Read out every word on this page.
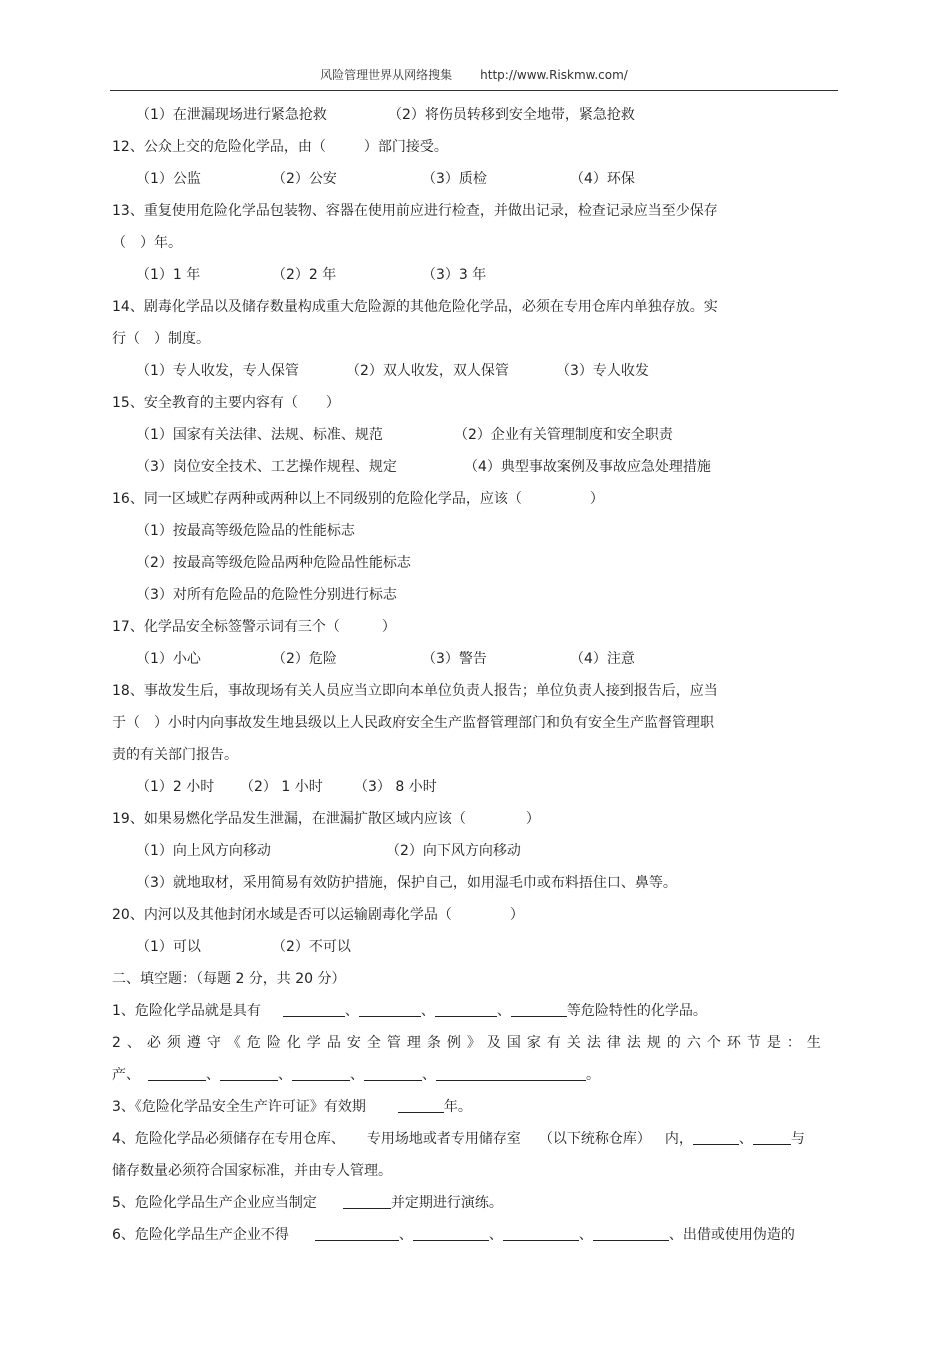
风险管理世界从网络搜集 http://www.Riskmw.com/
（1）在泄漏现场进行紧急抢救	（2）将伤员转移到安全地带，紧急抢救
12、公众上交的危险化学品，由（	）部门接受。
（1）公监	（2）公安	（3）质检	（4）环保
13、重复使用危险化学品包装物、容器在使用前应进行检查，并做出记录，检查记录应当至少保存
（　）年。
（1）1 年	（2）2 年	（3）3 年
14、剧毒化学品以及储存数量构成重大危险源的其他危险化学品，必须在专用仓库内单独存放。实
行（　）制度。
（1）专人收发，专人保管	（2）双人收发，双人保管	（3）专人收发
15、安全教育的主要内容有（　　）
（1）国家有关法律、法规、标准、规范	（2）企业有关管理制度和安全职责
（3）岗位安全技术、工艺操作规程、规定	（4）典型事故案例及事故应急处理措施
16、同一区域贮存两种或两种以上不同级别的危险化学品，应该（	）
（1）按最高等级危险品的性能标志
（2）按最高等级危险品两种危险品性能标志
（3）对所有危险品的危险性分别进行标志
17、化学品安全标签警示词有三个（	）
（1）小心	（2）危险	（3）警告	（4）注意
18、事故发生后，事故现场有关人员应当立即向本单位负责人报告；单位负责人接到报告后，应当
于（　）小时内向事故发生地县级以上人民政府安全生产监督管理部门和负有安全生产监督管理职
责的有关部门报告。
（1）2 小时 （2） 1 小时 （3） 8 小时
19、如果易燃化学品发生泄漏，在泄漏扩散区域内应该（	）
（1）向上风方向移动	（2）向下风方向移动
（3）就地取材，采用简易有效防护措施，保护自己，如用湿毛巾或布料捂住口、鼻等。
20、内河以及其他封闭水域是否可以运输剧毒化学品（	）
（1）可以	（2）不可以
二、填空题：（每题 2 分，共 20 分）
1、危险化学品就是具有	、	、	、	等危险特性的化学品。
2、必须遵守《危险化学品安全管理条例》及国家有关法律法规的六个环节是：生
产、	、	、	、	、	。
3、《危险化学品安全生产许可证》有效期	年。
4、危险化学品必须储存在专用仓库、 专用场地或者专用储存室 （以下统称仓库） 内，	、	与
储存数量必须符合国家标准，并由专人管理。
5、危险化学品生产企业应当制定	并定期进行演练。
6、危险化学品生产企业不得	、	、	、	、出借或使用伪造的
